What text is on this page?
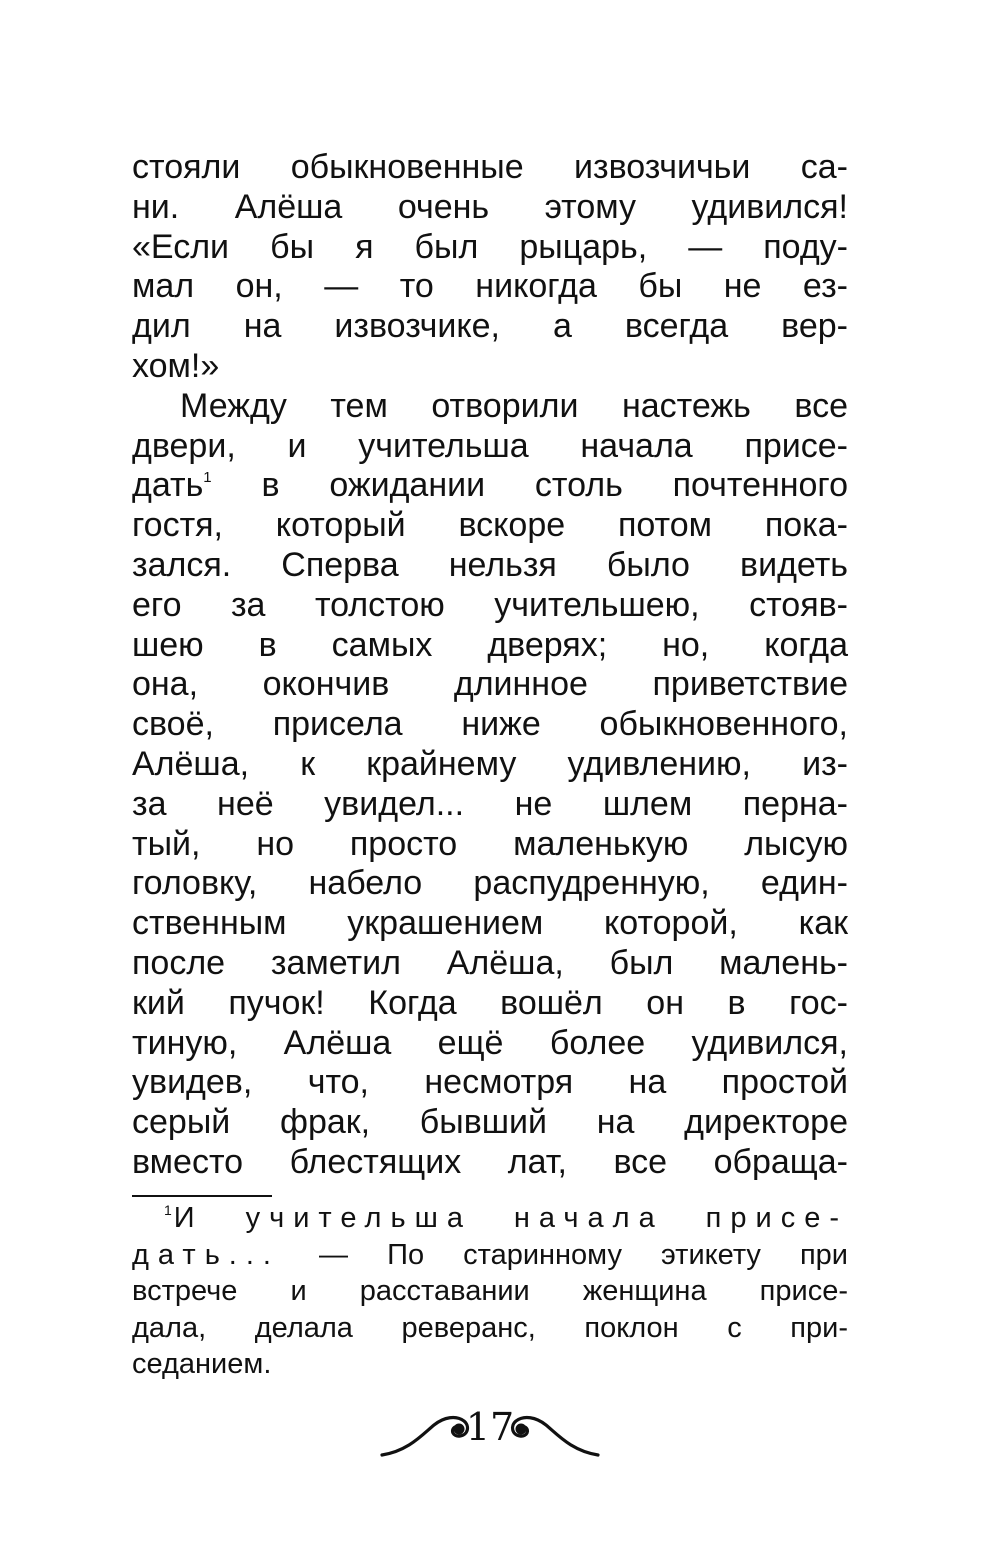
стояли обыкновенные извозчичьи са-
ни. Алёша очень этому удивился!
«Если бы я был рыцарь, — поду-
мал он, — то никогда бы не ез-
дил на извозчике, а всегда вер-
хом!»
Между тем отворили настежь все
двери, и учительша начала присе-
дать$^1$ в ожидании столь почтенного
гостя, который вскоре потом пока-
зался. Сперва нельзя было видеть
его за толстою учительшею, стояв-
шею в самых дверях; но, когда
она, окончив длинное приветствие
своё, присела ниже обыкновенного,
Алёша, к крайнему удивлению, из-
за неё увидел... не шлем перна-
тый, но просто маленькую лысую
головку, набело распудренную, един-
ственным украшением которой, как
после заметил Алёша, был малень-
кий пучок! Когда вошёл он в гос-
тиную, Алёша ещё более удивился,
увидев, что, несмотря на простой
серый фрак, бывший на директоре
вместо блестящих лат, все обраща-
$^1$И учительша начала присе-
дать... — По старинному этикету при
встрече и расставании женщина присе-
дала, делала реверанс, поклон с при-
седанием.
17
